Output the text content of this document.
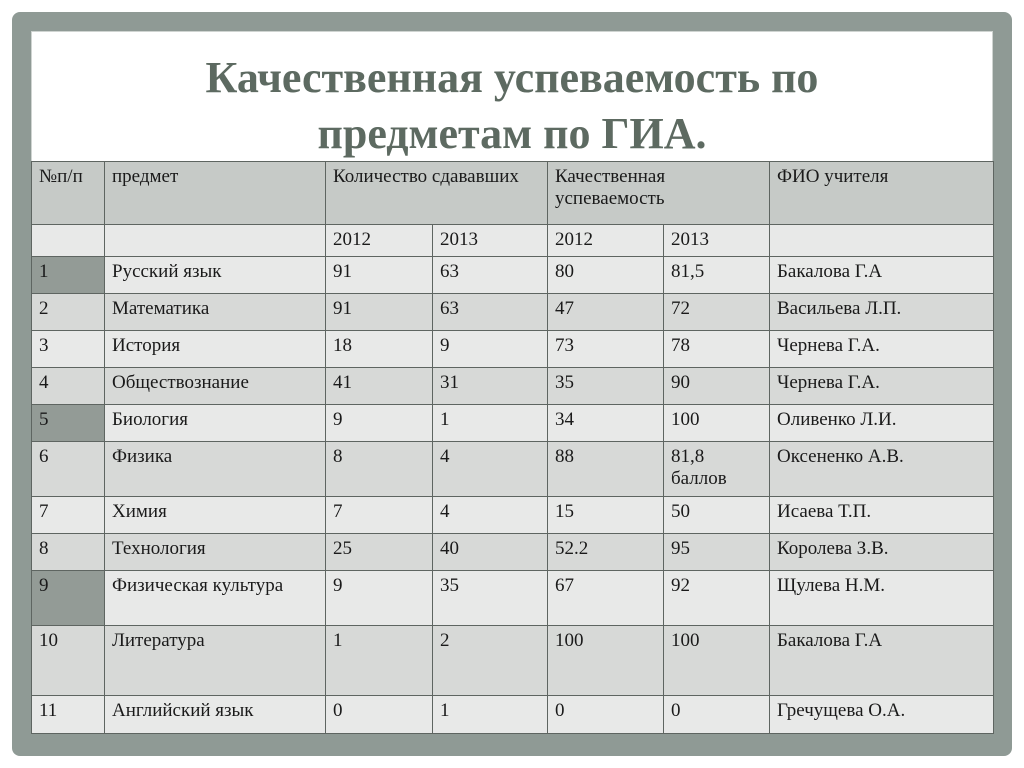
Качественная успеваемость по
предметам по ГИА.
№п/п	предмет	Количество сдававших		Качественная успеваемость		ФИО учителя
		2012	2013	2012	2013	
1	Русский язык	91	63	80	81,5	Бакалова Г.А
2	Математика	91	63	47	72	Васильева Л.П.
3	История	18	9	73	78	Чернева Г.А.
4	Обществознание	41	31	35	90	Чернева Г.А.
5	Биология	9	1	34	100	Оливенко Л.И.
6	Физика	8	4	88	81,8 баллов	Оксененко А.В.
7	Химия	7	4	15	50	Исаева Т.П.
8	Технология	25	40	52.2	95	Королева З.В.
9	Физическая культура	9	35	67	92	Щулева Н.М.
10	Литература	1	2	100	100	Бакалова Г.А
11	Английский язык	0	1	0	0	Гречущева О.А.
